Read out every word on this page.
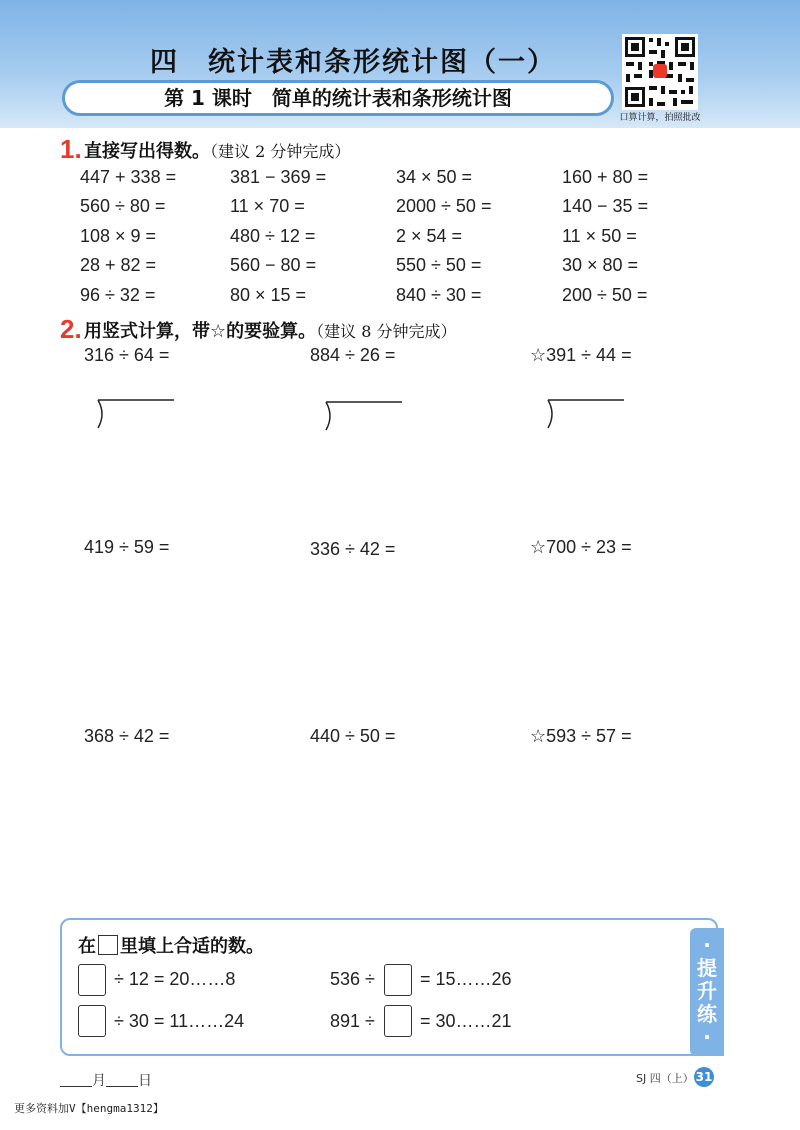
四　统计表和条形统计图（一）
第 1 课时　简单的统计表和条形统计图
口算计算，拍照批改
1. 直接写出得数。（建议 2 分钟完成）
447 + 338 =	381 − 369 =	34 × 50 =	160 + 80 =
560 ÷ 80 =	11 × 70 =	2000 ÷ 50 =	140 − 35 =
108 × 9 =	480 ÷ 12 =	2 × 54 =	11 × 50 =
28 + 82 =	560 − 80 =	550 ÷ 50 =	30 × 80 =
96 ÷ 32 =	80 × 15 =	840 ÷ 30 =	200 ÷ 50 =
2. 用竖式计算，带☆的要验算。（建议 8 分钟完成）
316 ÷ 64 =	884 ÷ 26 =	☆391 ÷ 44 =
419 ÷ 59 =	336 ÷ 42 =	☆700 ÷ 23 =
368 ÷ 42 =	440 ÷ 50 =	☆593 ÷ 57 =
在 里填上合适的数。
÷ 12 = 20……8	536 ÷	= 15……26
÷ 30 = 11……24	891 ÷	= 30……21
·
提
升
练
·
月 日	SJ 四（上） 31
更多资料加V【hengma1312】
